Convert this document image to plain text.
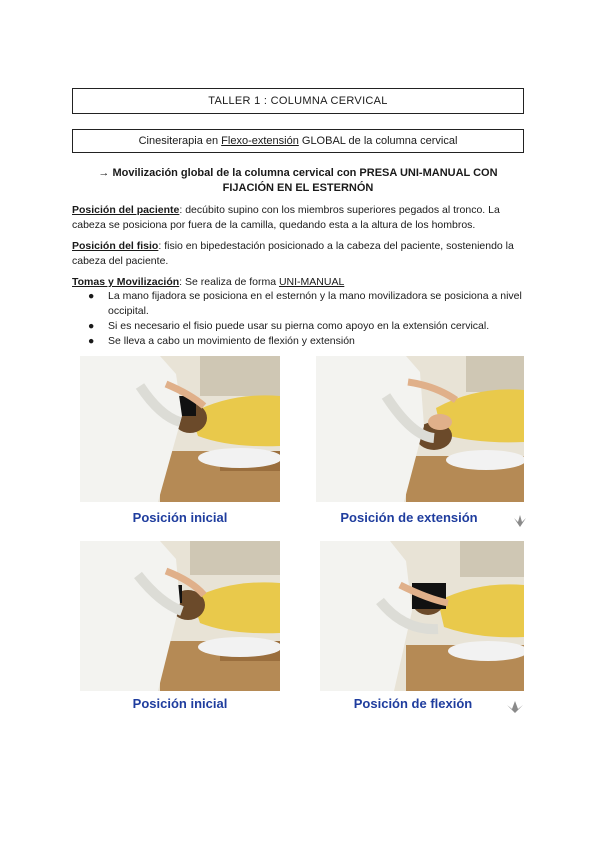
TALLER 1 : COLUMNA CERVICAL
Cinesiterapia en Flexo-extensión GLOBAL de la columna cervical
→ Movilización global de la columna cervical con PRESA UNI-MANUAL CON
FIJACIÓN EN EL ESTERNÓN
Posición del paciente: decúbito supino con los miembros superiores pegados al tronco. La cabeza se posiciona por fuera de la camilla, quedando esta a la altura de los hombros.
Posición del fisio: fisio en bipedestación posicionado a la cabeza del paciente, sosteniendo la cabeza del paciente.
Tomas y Movilización: Se realiza de forma UNI-MANUAL
● La mano fijadora se posiciona en el esternón y la mano movilizadora se posiciona a nivel occipital.
● Si es necesario el fisio puede usar su pierna como apoyo en la extensión cervical.
● Se lleva a cabo un movimiento de flexión y extensión
Posición inicial	Posición de extensión
Posición inicial	Posición de flexión
